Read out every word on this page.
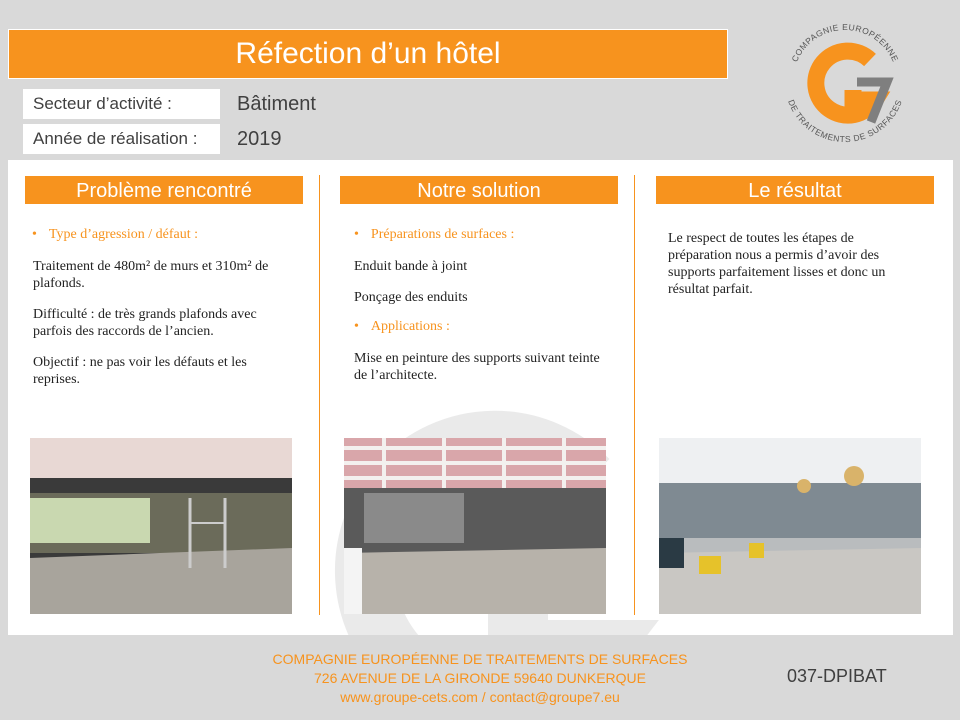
Réfection d’un hôtel
Secteur d’activité :	Bâtiment
Année de réalisation :	2019
COMPAGNIE EUROPÉENNE
DE TRAITEMENTS DE SURFACES
Problème rencontré
• Type d’agression / défaut :
Traitement de 480m² de murs et 310m² de plafonds.
Difficulté : de très grands plafonds avec parfois des raccords de l’ancien.
Objectif : ne pas voir les défauts et les reprises.
Notre solution
• Préparations de surfaces :
Enduit bande à joint
Ponçage des enduits
• Applications :
Mise en peinture des supports suivant teinte de l’architecte.
Le résultat
Le respect de toutes les étapes de préparation nous a permis d’avoir des supports parfaitement lisses et donc un résultat parfait.
COMPAGNIE EUROPÉENNE DE TRAITEMENTS DE SURFACES
726 AVENUE DE LA GIRONDE 59640 DUNKERQUE
www.groupe-cets.com / contact@groupe7.eu
037-DPIBAT
